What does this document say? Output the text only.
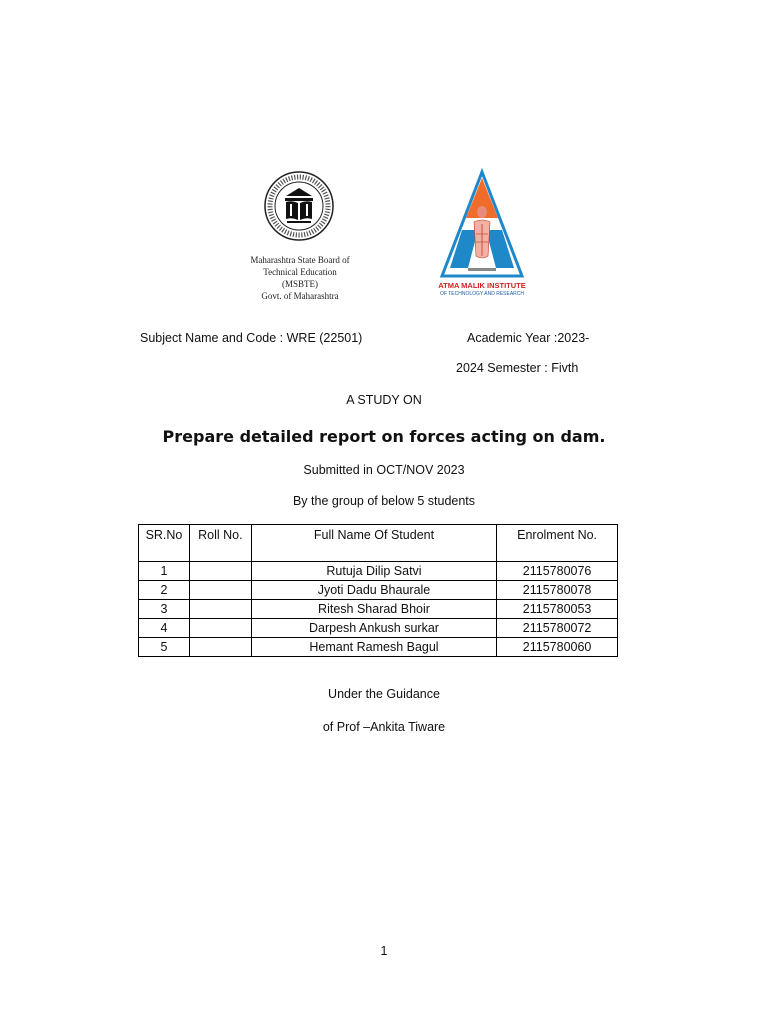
Maharashtra State Board of
Technical Education
(MSBTE)
Govt. of Maharashtra
ATMA MALIK INSTITUTE
OF TECHNOLOGY AND RESEARCH
Subject Name and Code : WRE (22501)	Academic Year :2023-
2024 Semester : Fivth
A STUDY ON
Prepare detailed report on forces acting on dam.
Submitted in OCT/NOV 2023
By the group of below 5 students
SR.No	Roll No.	Full Name Of Student	Enrolment No.
1		Rutuja Dilip Satvi	2115780076
2		Jyoti Dadu Bhaurale	2115780078
3		Ritesh Sharad Bhoir	2115780053
4		Darpesh Ankush surkar	2115780072
5		Hemant Ramesh Bagul	2115780060
Under the Guidance
of Prof –Ankita Tiware
1
